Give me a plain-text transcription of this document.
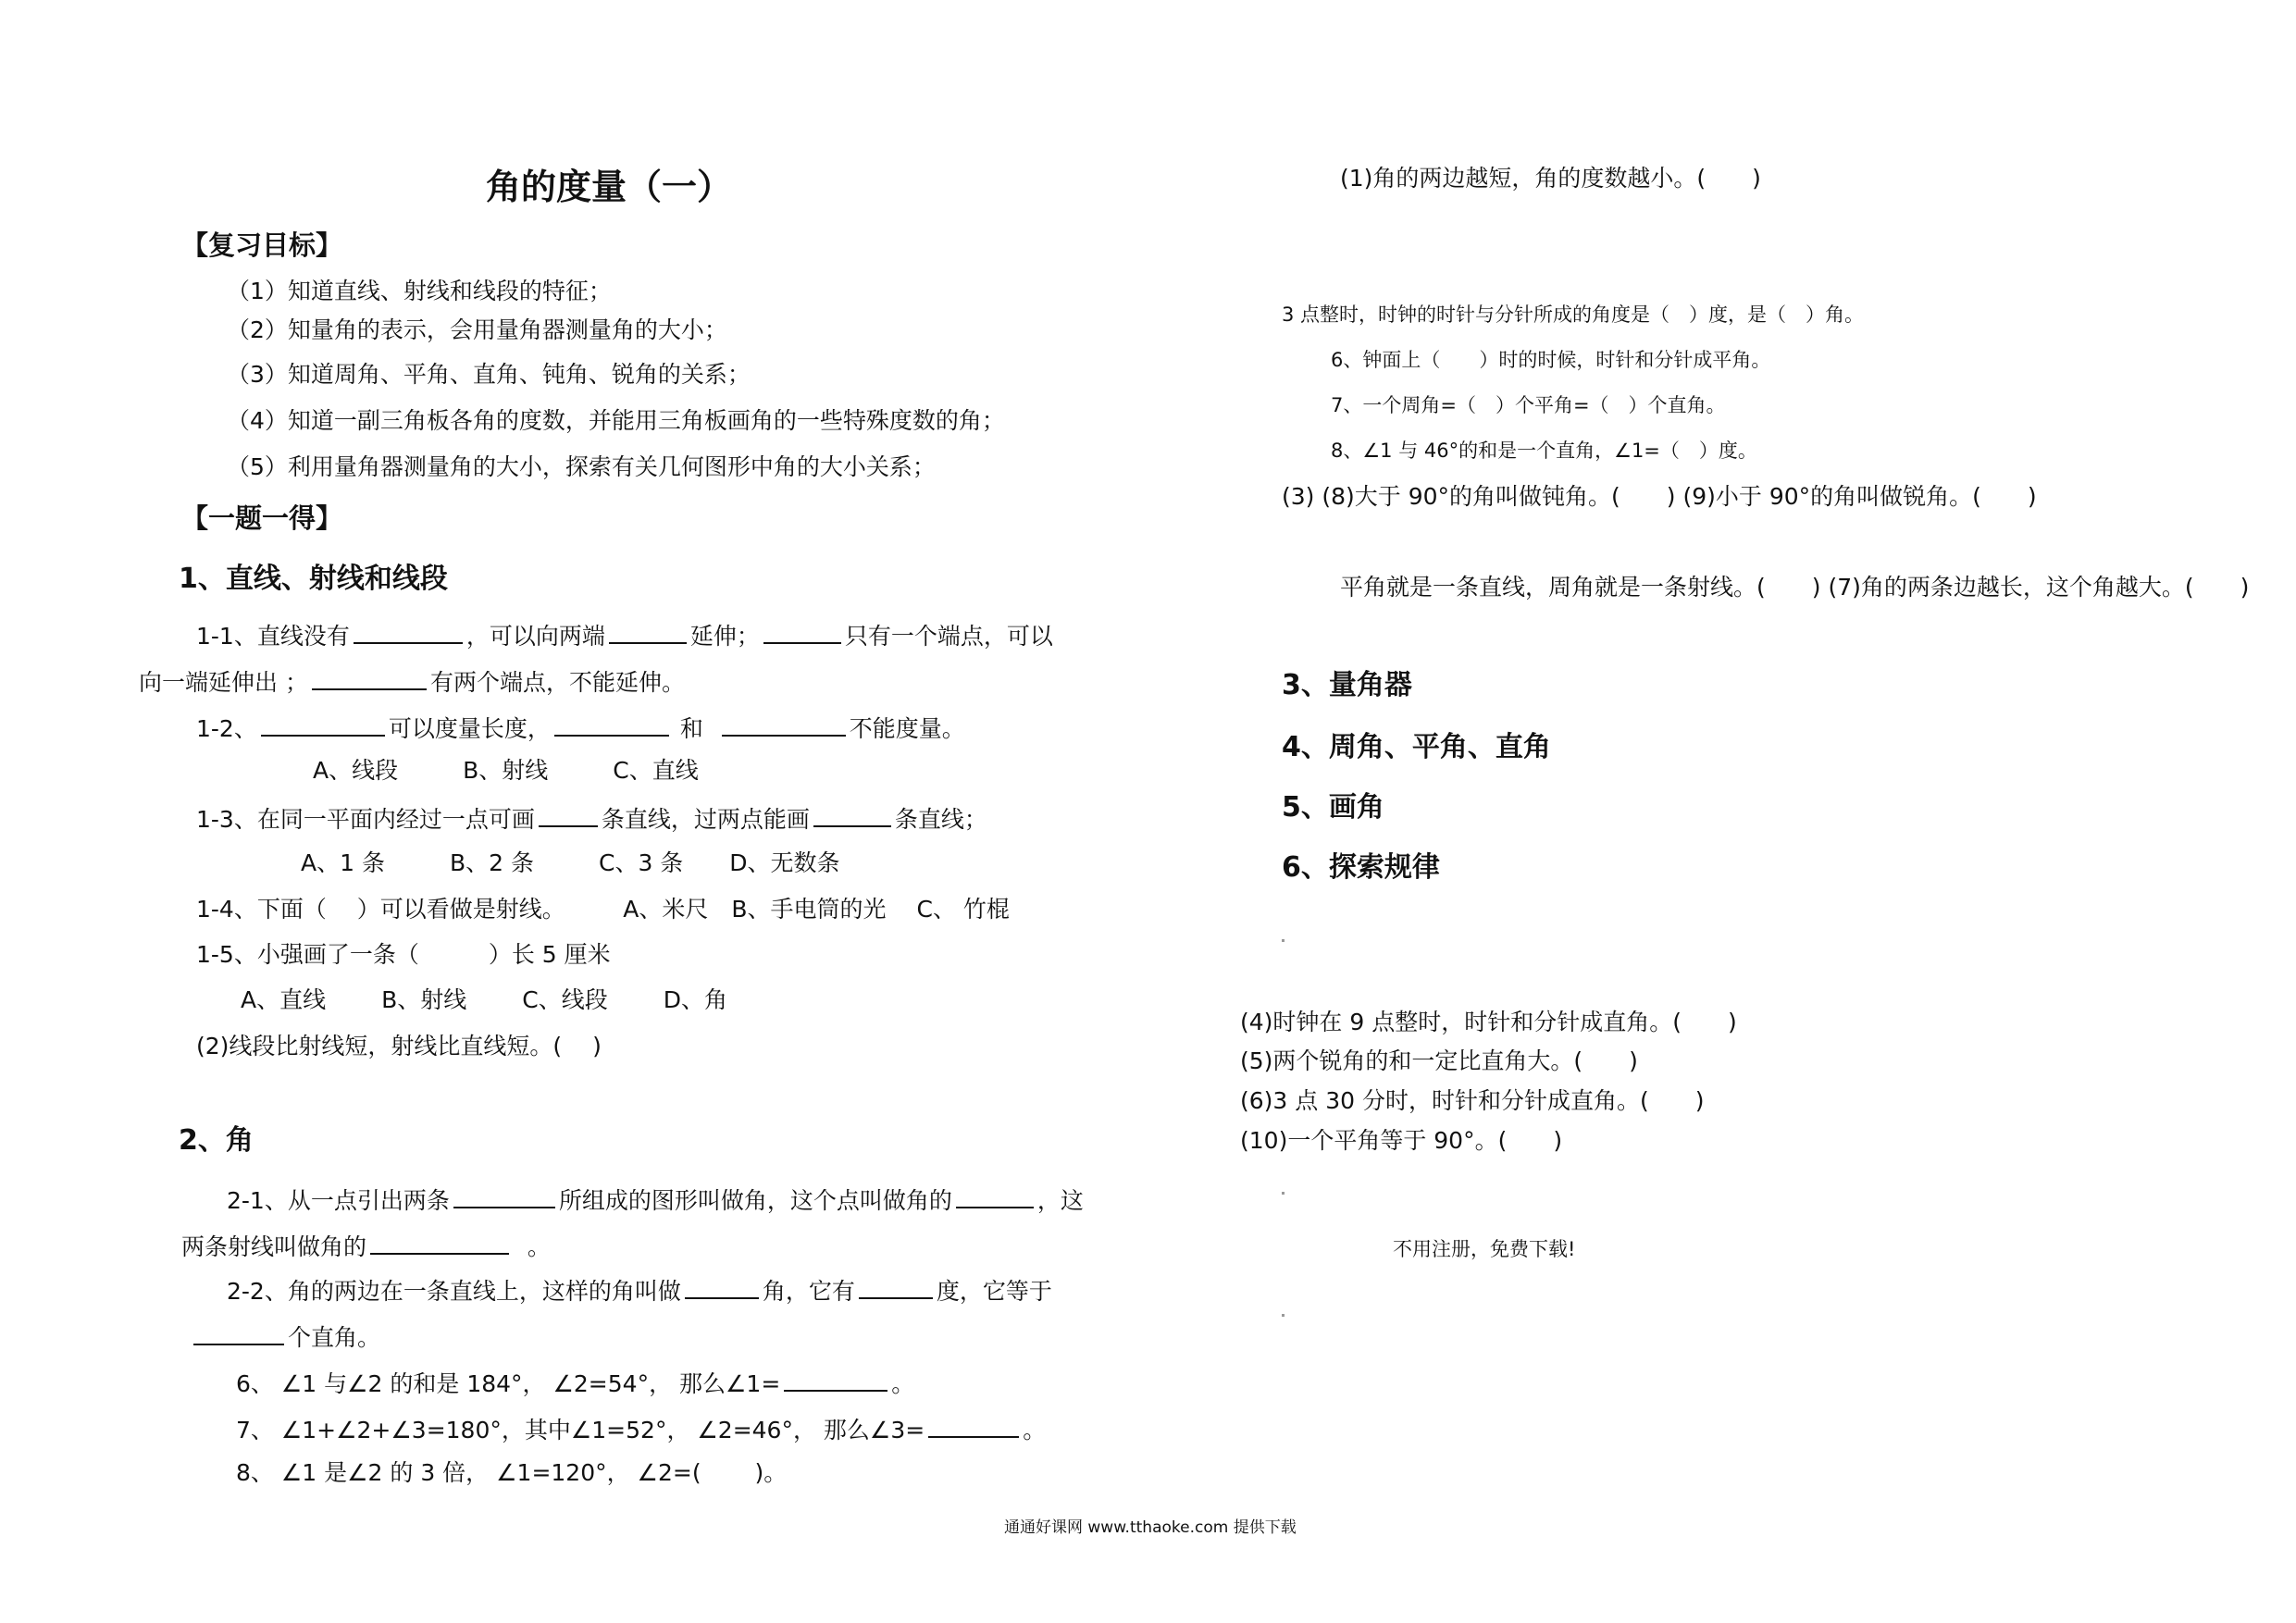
角的度量（一）
【复习目标】
（1）知道直线、射线和线段的特征；
（2）知量角的表示，会用量角器测量角的大小；
（3）知道周角、平角、直角、钝角、锐角的关系；
（4）知道一副三角板各角的度数，并能用三角板画角的一些特殊度数的角；
（5）利用量角器测量角的大小，探索有关几何图形中角的大小关系；
【一题一得】
1、直线、射线和线段
1-1、直线没有	，可以向两端	延伸；	只有一个端点，可以
向一端延伸出 ；	有两个端点，不能延伸。
1-2、	可以度量长度，	和	不能度量。
A、线段	B、射线	C、直线
1-3、在同一平面内经过一点可画	条直线，过两点能画	条直线；
A、1 条	B、2 条	C、3 条 D、无数条
1-4、下面（　 ）可以看做是射线。　　　A、米尺　B、手电筒的光　 C、 竹棍
1-5、小强画了一条（　　　）长 5 厘米
A、直线 B、射线 C、线段 D、角
(2)线段比射线短，射线比直线短。(　 )
2、角
2-1、从一点引出两条	所组成的图形叫做角，这个点叫做角的	，这
两条射线叫做角的	。
2-2、角的两边在一条直线上，这样的角叫做	角，它有	度，它等于
个直角。
6、 ∠1 与∠2 的和是 184°， ∠2=54°， 那么∠1=	。
7、 ∠1+∠2+∠3=180°，其中∠1=52°， ∠2=46°， 那么∠3=	。
8、 ∠1 是∠2 的 3 倍， ∠1=120°， ∠2=(　　 )。
(1)角的两边越短，角的度数越小。(　　)
3 点整时，时钟的时针与分针所成的角度是（　）度，是（　）角。
6、钟面上（　　）时的时候，时针和分针成平角。
7、一个周角=（　）个平角=（　）个直角。
8、∠1 与 46°的和是一个直角，∠1=（　）度。
(3) (8)大于 90°的角叫做钝角。(　　) (9)小于 90°的角叫做锐角。(　　)
平角就是一条直线，周角就是一条射线。(　　) (7)角的两条边越长，这个角越大。(　　)
3、量角器
4、周角、平角、直角
5、画角
6、探索规律
(4)时钟在 9 点整时，时针和分针成直角。(　　)
(5)两个锐角的和一定比直角大。(　　)
(6)3 点 30 分时，时针和分针成直角。(　　)
(10)一个平角等于 90°。(　　)
不用注册，免费下载!
通通好课网 www.tthaoke.com 提供下载
